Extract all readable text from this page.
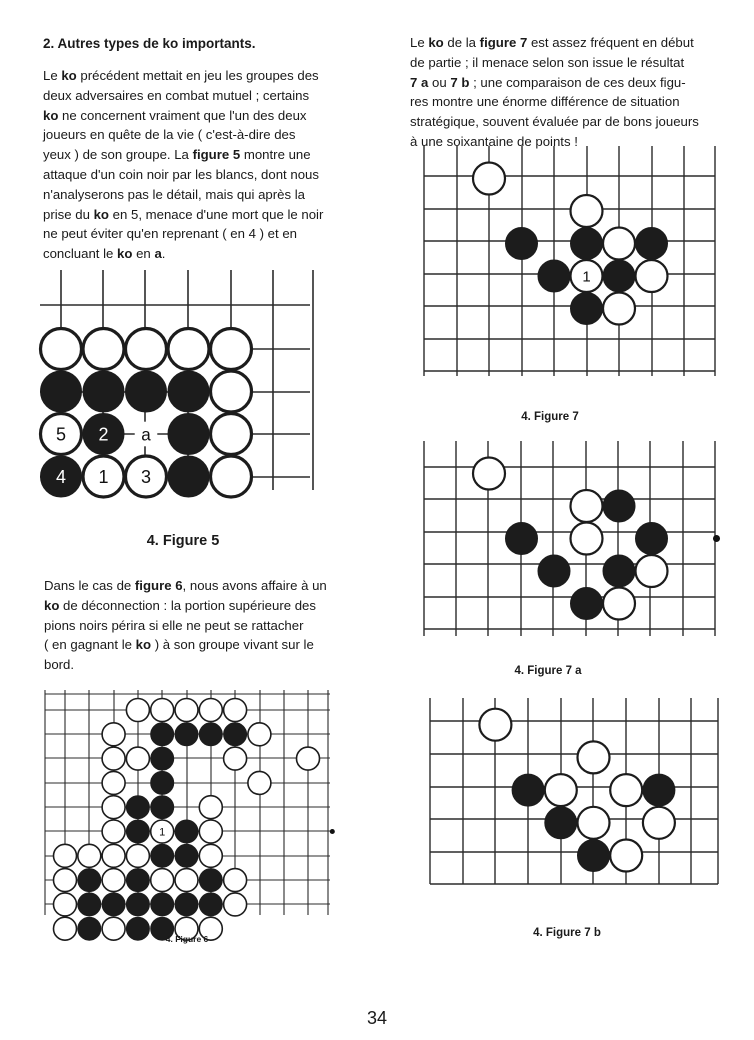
2. Autres types de ko importants.
Le ko précédent mettait en jeu les groupes des
deux adversaires en combat mutuel ; certains
ko ne concernent vraiment que l'un des deux
joueurs en quête de la vie ( c'est-à-dire des
yeux ) de son groupe. La figure 5 montre une
attaque d'un coin noir par les blancs, dont nous
n'analyserons pas le détail, mais qui après la
prise du ko en 5, menace d'une mort que le noir
ne peut éviter qu'en reprenant ( en 4 ) et en
concluant le ko en a.
a
5 2
4 1 3
4. Figure 5
Dans le cas de figure 6, nous avons affaire à un
ko de déconnection : la portion supérieure des
pions noirs périra si elle ne peut se rattacher
( en gagnant le ko ) à son groupe vivant sur le
bord.
1
4. Figure 6
Le ko de la figure 7 est assez fréquent en début
de partie ; il menace selon son issue le résultat
7 a ou 7 b ; une comparaison de ces deux figu-
res montre une énorme différence de situation
stratégique, souvent évaluée par de bons joueurs
à une soixantaine de points !
1
4. Figure 7
4. Figure 7 a
4. Figure 7 b
34
